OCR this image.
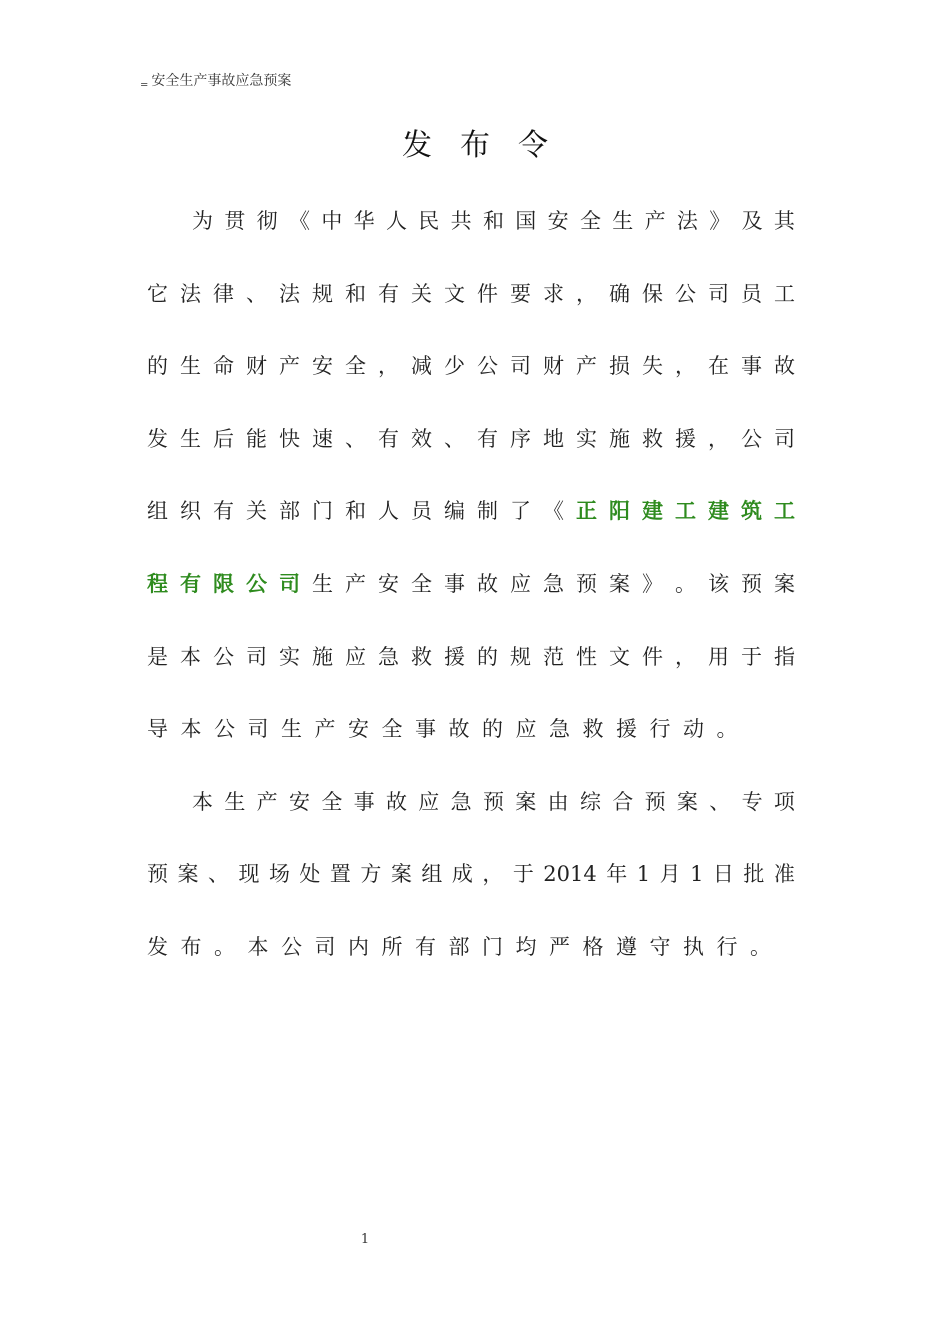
$_=$ 安全生产事故应急预案
发布令
为 贯 彻 《 中 华 人 民 共 和 国 安 全 生 产 法 》 及 其
它 法 律 、 法 规 和 有 关 文 件 要 求 ， 确 保 公 司 员 工
的 生 命 财 产 安 全 ， 减 少 公 司 财 产 损 失 ， 在 事 故
发 生 后 能 快 速 、 有 效 、 有 序 地 实 施 救 援 ， 公 司
组 织 有 关 部 门 和 人 员 编 制 了 《 正 阳 建 工 建 筑 工
程 有 限 公 司 生 产 安 全 事 故 应 急 预 案 》 。 该 预 案
是 本 公 司 实 施 应 急 救 援 的 规 范 性 文 件 ， 用 于 指
导 本 公 司 生 产 安 全 事 故 的 应 急 救 援 行 动 。
本 生 产 安 全 事 故 应 急 预 案 由 综 合 预 案 、 专 项
预 案 、 现 场 处 置 方 案 组 成 ， 于 2014 年 1 月 1 日 批 准
发 布 。 本 公 司 内 所 有 部 门 均 严 格 遵 守 执 行 。
1
